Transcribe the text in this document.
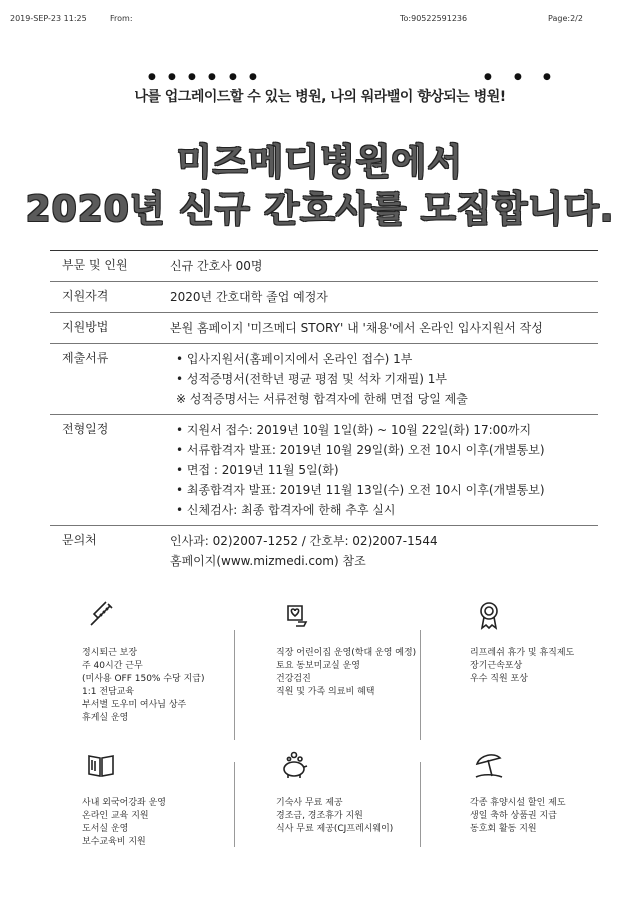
2019-SEP-23 11:25	From:	To:90522591236	Page:2/2
● ● ● ● ● ●	● ● ●
나를 업그레이드할 수 있는 병원, 나의 워라밸이 향상되는 병원!
미즈메디병원에서
2020년 신규 간호사를 모집합니다.
부문 및 인원	신규 간호사 00명

지원자격	2020년 간호대학 졸업 예정자

지원방법	본원 홈페이지 '미즈메디 STORY' 내 '채용'에서 온라인 입사지원서 작성

제출서류	• 입사지원서(홈페이지에서 온라인 접수) 1부
• 성적증명서(전학년 평균 평점 및 석차 기재필) 1부
※ 성적증명서는 서류전형 합격자에 한해 면접 당일 제출

전형일정	• 지원서 접수: 2019년 10월 1일(화) ~ 10월 22일(화) 17:00까지
• 서류합격자 발표: 2019년 10월 29일(화) 오전 10시 이후(개별통보)
• 면접 : 2019년 11월 5일(화)
• 최종합격자 발표: 2019년 11월 13일(수) 오전 10시 이후(개별통보)
• 신체검사: 최종 합격자에 한해 추후 실시

문의처	인사과: 02)2007-1252 / 간호부: 02)2007-1544
홈페이지(www.mizmedi.com) 참조
정시퇴근 보장
주 40시간 근무
(미사용 OFF 150% 수당 지급)
1:1 전담교육
부서별 도우미 여사님 상주
휴게실 운영
직장 어린이집 운영(학대 운영 예정)
토요 동보미교실 운영
건강검진
직원 및 가족 의료비 혜택
리프레쉬 휴가 및 휴직제도
장기근속포상
우수 직원 포상
사내 외국어강좌 운영
온라인 교육 지원
도서실 운영
보수교육비 지원
기숙사 무료 제공
경조금, 경조휴가 지원
식사 무료 제공(CJ프레시웨이)
각종 휴양시설 할인 제도
생일 축하 상품권 지급
동호회 활동 지원
